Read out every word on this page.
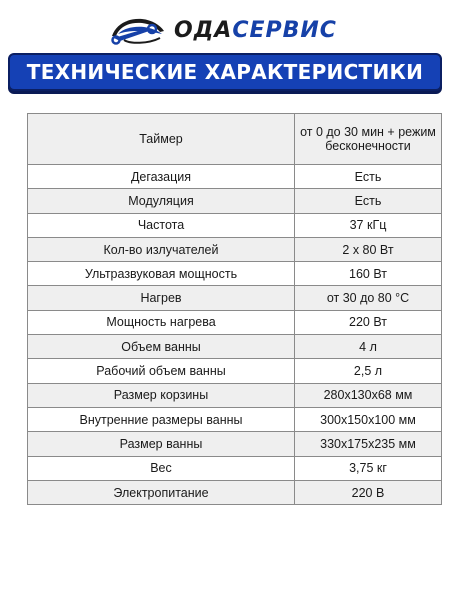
ОДАСЕРВИС
ТЕХНИЧЕСКИЕ ХАРАКТЕРИСТИКИ
Таймер	от 0 до 30 мин + режим бесконечности
Дегазация	Есть
Модуляция	Есть
Частота	37 кГц
Кол-во излучателей	2 х 80 Вт
Ультразвуковая мощность	160 Вт
Нагрев	от 30 до 80 °C
Мощность нагрева	220 Вт
Объем ванны	4 л
Рабочий объем ванны	2,5 л
Размер корзины	280x130x68 мм
Внутренние размеры ванны	300x150x100 мм
Размер ванны	330x175x235 мм
Вес	3,75 кг
Электропитание	220 В
